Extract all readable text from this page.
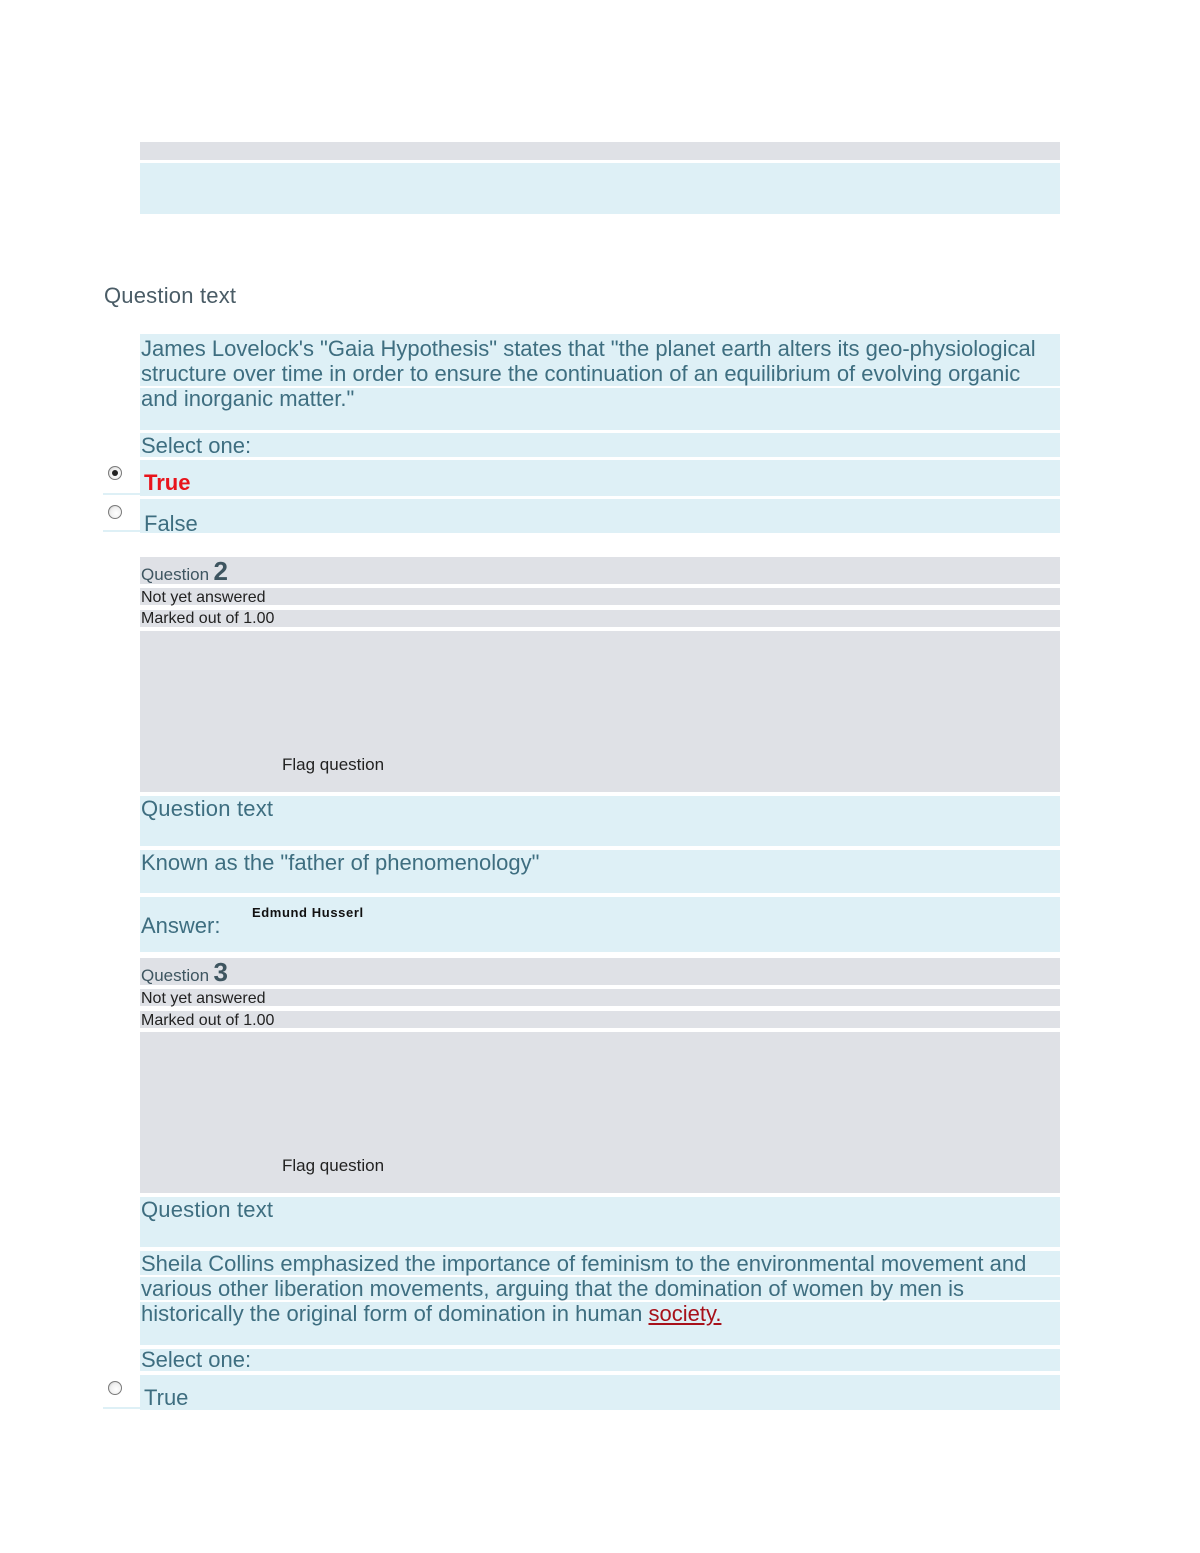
Question text
James Lovelock's "Gaia Hypothesis" states that "the planet earth alters its geo-physiological
structure over time in order to ensure the continuation of an equilibrium of evolving organic
and inorganic matter."
Select one:
True
False
Question 2
Not yet answered
Marked out of 1.00
Flag question
Question text
Known as the "father of phenomenology"
Answer:
Edmund Husserl
Question 3
Not yet answered
Marked out of 1.00
Flag question
Question text
Sheila Collins emphasized the importance of feminism to the environmental movement and
various other liberation movements, arguing that the domination of women by men is
historically the original form of domination in human society.
Select one:
True
